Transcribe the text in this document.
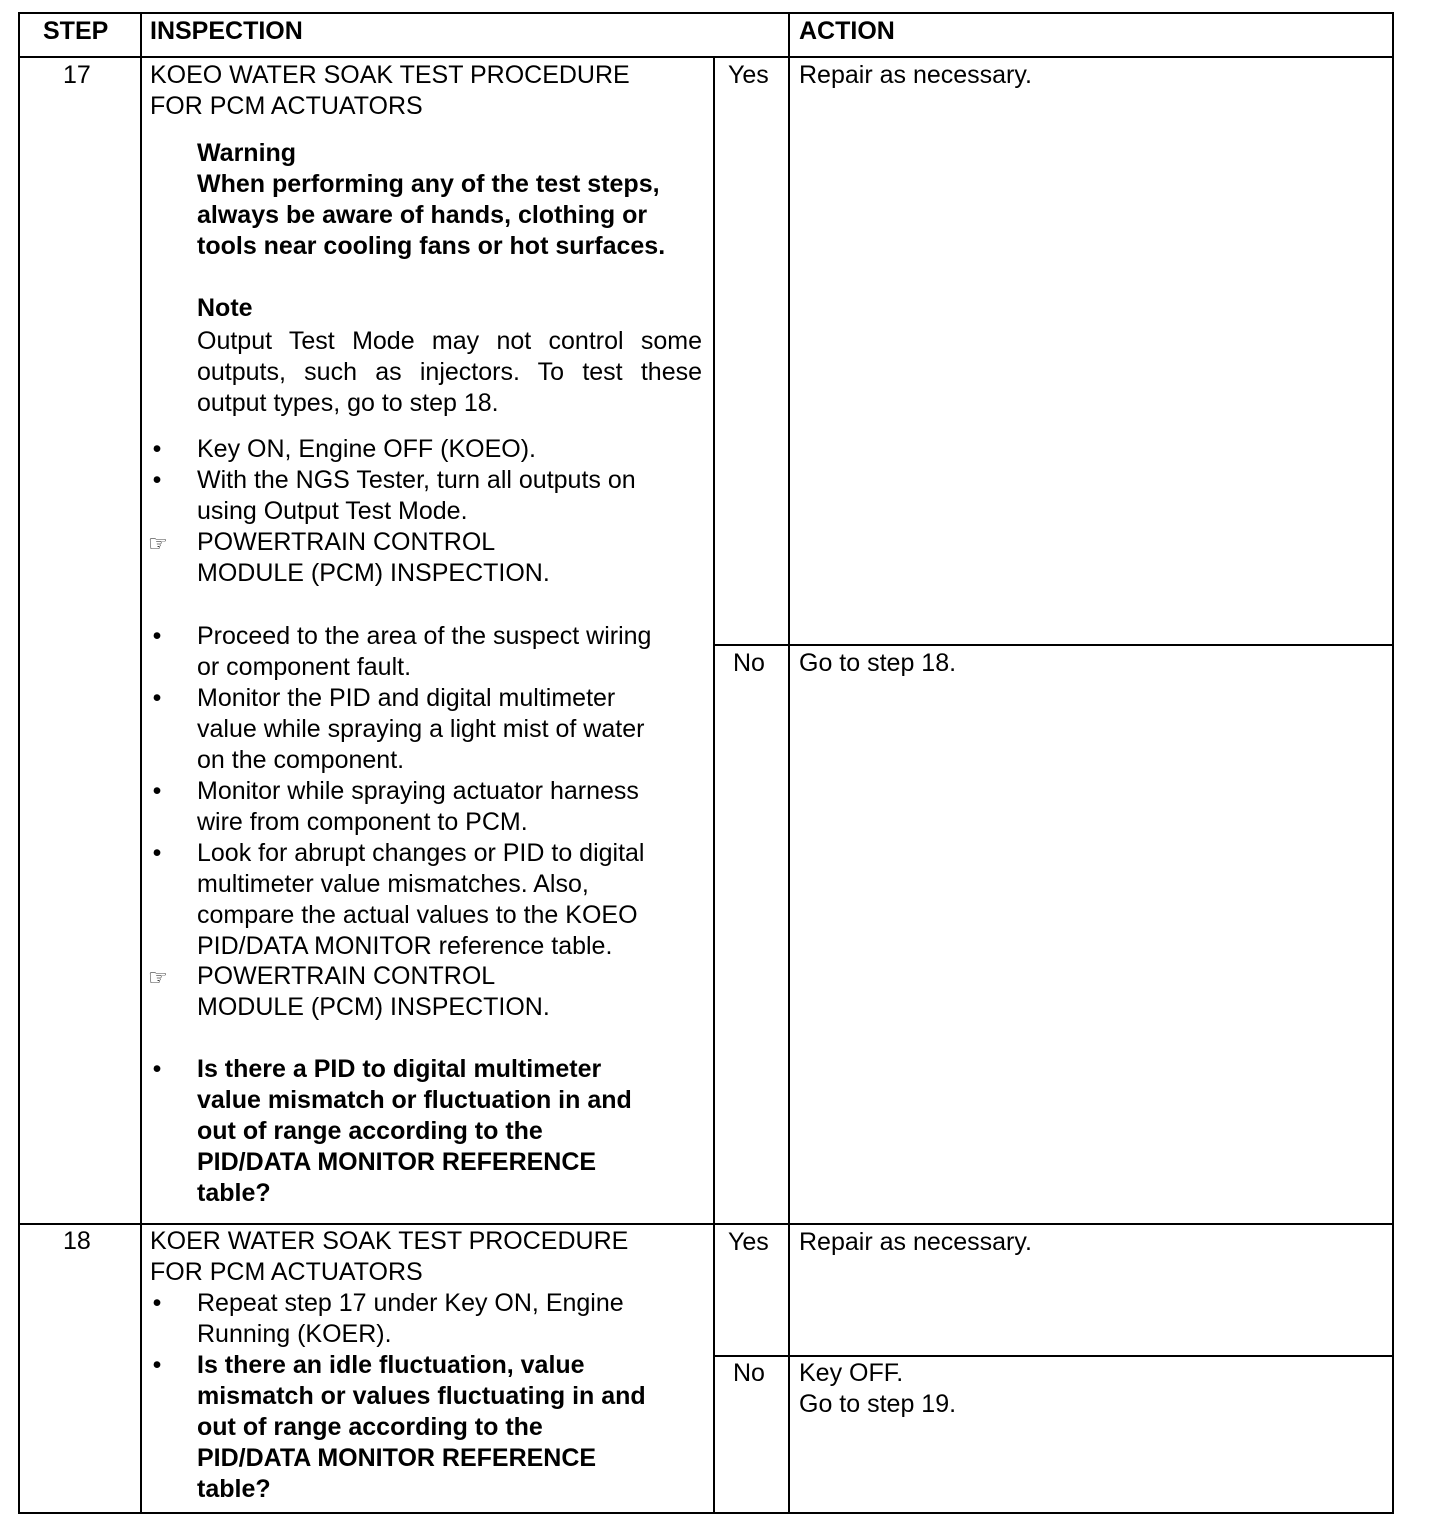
STEP INSPECTION	ACTION
17 KOEO WATER SOAK TEST PROCEDURE
FOR PCM ACTUATORS
Warning
When performing any of the test steps,
always be aware of hands, clothing or
tools near cooling fans or hot surfaces.
Note
Output Test Mode may not control some
outputs, such as injectors. To test these
output types, go to step 18.
• Key ON, Engine OFF (KOEO).
• With the NGS Tester, turn all outputs on
using Output Test Mode.
☞ POWERTRAIN CONTROL
MODULE (PCM) INSPECTION.
• Proceed to the area of the suspect wiring
or component fault.
• Monitor the PID and digital multimeter
value while spraying a light mist of water
on the component.
• Monitor while spraying actuator harness
wire from component to PCM.
• Look for abrupt changes or PID to digital
multimeter value mismatches. Also,
compare the actual values to the KOEO
PID/DATA MONITOR reference table.
☞ POWERTRAIN CONTROL
MODULE (PCM) INSPECTION.
• Is there a PID to digital multimeter
value mismatch or fluctuation in and
out of range according to the
PID/DATA MONITOR REFERENCE
table?
Yes Repair as necessary.
No Go to step 18.
18 KOER WATER SOAK TEST PROCEDURE
FOR PCM ACTUATORS
• Repeat step 17 under Key ON, Engine
Running (KOER).
• Is there an idle fluctuation, value
mismatch or values fluctuating in and
out of range according to the
PID/DATA MONITOR REFERENCE
table?
Yes Repair as necessary.
No Key OFF.
Go to step 19.
